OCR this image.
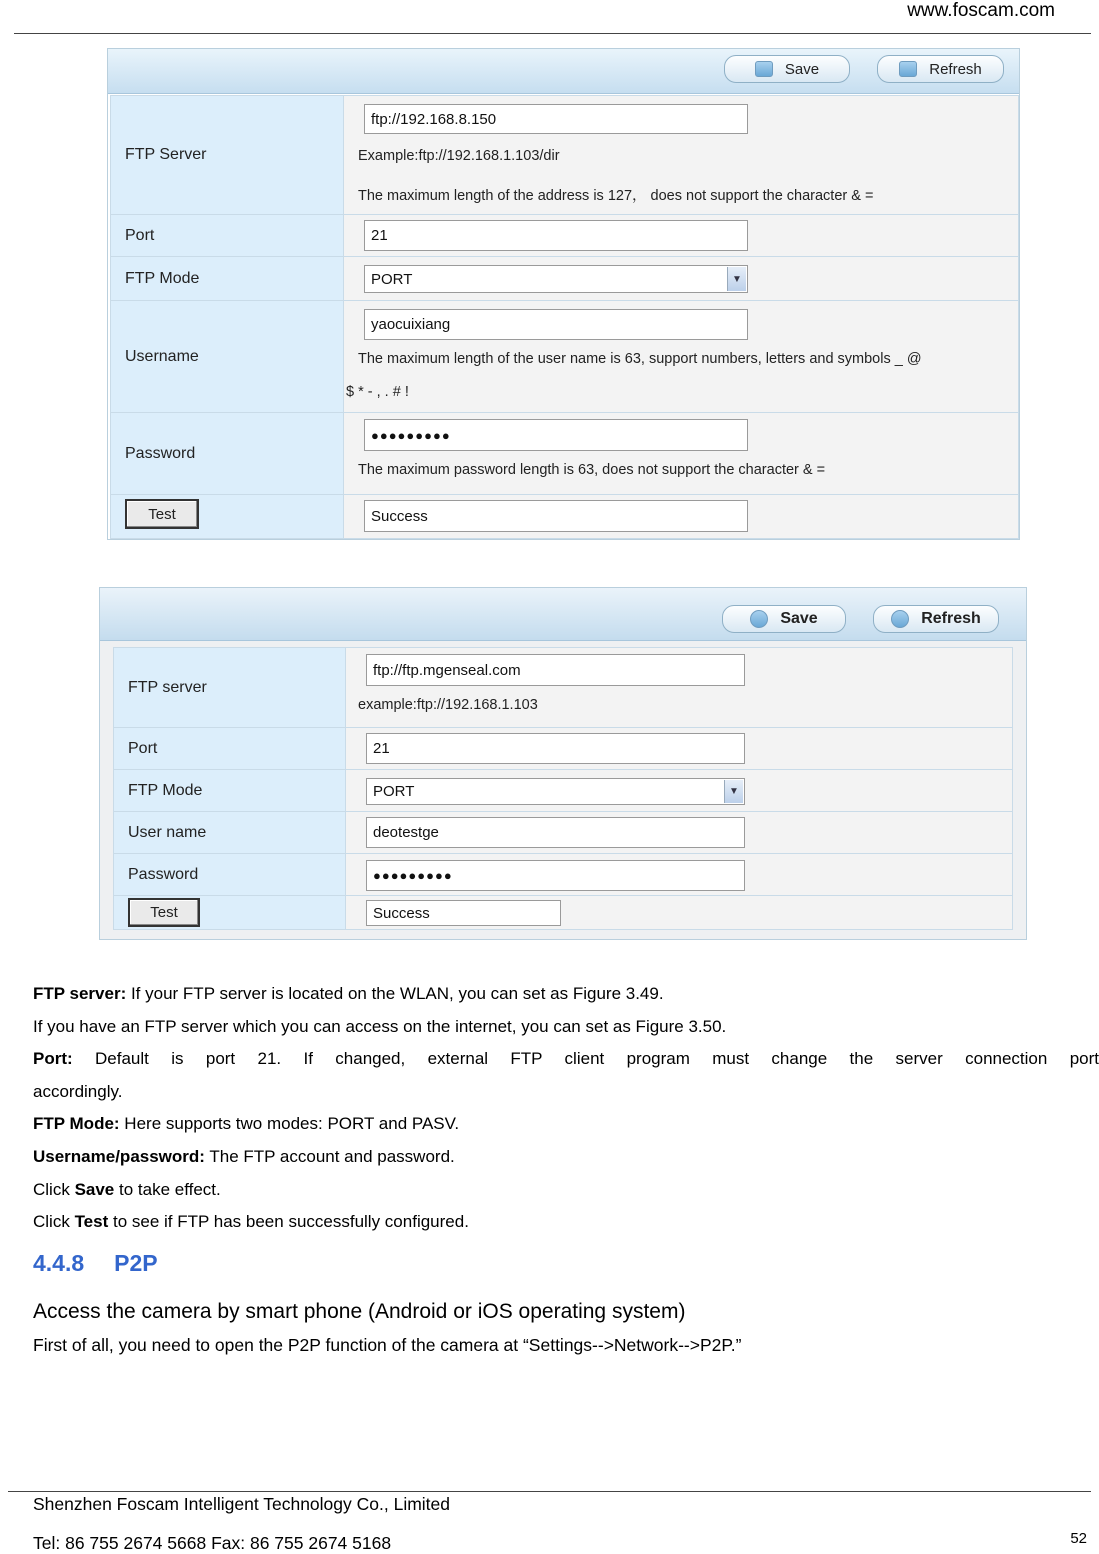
www.foscam.com
Save	Refresh
FTP Server	ftp://192.168.8.150
Example:ftp://192.168.1.103/dir
The maximum length of the address is 127， does not support the character & =

Port	21

FTP Mode	PORT ▼

Username	yaocuixiang
The maximum length of the user name is 63, support numbers, letters and symbols _ @
$ * - , . # !

Password	●●●●●●●●●
The maximum password length is 63, does not support the character & =

Test	Success
Save	Refresh
FTP server	ftp://ftp.mgenseal.com
example:ftp://192.168.1.103

Port	21

FTP Mode	PORT ▼

User name	deotestge

Password	●●●●●●●●●

Test	Success

FTP server: If your FTP server is located on the WLAN, you can set as Figure 3.49.

If you have an FTP server which you can access on the internet, you can set as Figure 3.50.

Port: Default is port 21. If changed, external FTP client program must change the server connection port

accordingly.

FTP Mode: Here supports two modes: PORT and PASV.

Username/password: The FTP account and password.

Click Save to take effect.

Click Test to see if FTP has been successfully configured.

4.4.8 P2P
Access the camera by smart phone (Android or iOS operating system)
First of all, you need to open the P2P function of the camera at “Settings-->Network-->P2P.”
Shenzhen Foscam Intelligent Technology Co., Limited
Tel: 86 755 2674 5668 Fax: 86 755 2674 5168	52
